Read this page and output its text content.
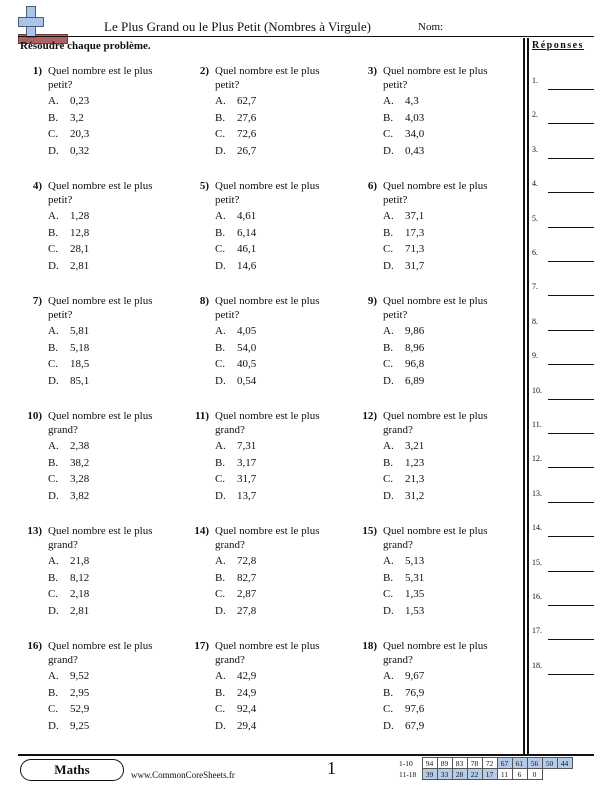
Le Plus Grand ou le Plus Petit (Nombres à Virgule)	Nom:
Résoudre chaque problème.	Réponses
1) Quel nombre est le plus petit?
A.	0,23
B.	3,2
C.	20,3
D.	0,32
2) Quel nombre est le plus petit?
A.	62,7
B.	27,6
C.	72,6
D.	26,7
3) Quel nombre est le plus petit?
A.	4,3
B.	4,03
C.	34,0
D.	0,43
4) Quel nombre est le plus petit?
A.	1,28
B.	12,8
C.	28,1
D.	2,81
5) Quel nombre est le plus petit?
A.	4,61
B.	6,14
C.	46,1
D.	14,6
6) Quel nombre est le plus petit?
A.	37,1
B.	17,3
C.	71,3
D.	31,7
7) Quel nombre est le plus petit?
A.	5,81
B.	5,18
C.	18,5
D.	85,1
8) Quel nombre est le plus petit?
A.	4,05
B.	54,0
C.	40,5
D.	0,54
9) Quel nombre est le plus petit?
A.	9,86
B.	8,96
C.	96,8
D.	6,89
10) Quel nombre est le plus grand?
A.	2,38
B.	38,2
C.	3,28
D.	3,82
11) Quel nombre est le plus grand?
A.	7,31
B.	3,17
C.	31,7
D.	13,7
12) Quel nombre est le plus grand?
A.	3,21
B.	1,23
C.	21,3
D.	31,2
13) Quel nombre est le plus grand?
A.	21,8
B.	8,12
C.	2,18
D.	2,81
14) Quel nombre est le plus grand?
A.	72,8
B.	82,7
C.	2,87
D.	27,8
15) Quel nombre est le plus grand?
A.	5,13
B.	5,31
C.	1,35
D.	1,53
16) Quel nombre est le plus grand?
A.	9,52
B.	2,95
C.	52,9
D.	9,25
17) Quel nombre est le plus grand?
A.	42,9
B.	24,9
C.	92,4
D.	29,4
18) Quel nombre est le plus grand?
A.	9,67
B.	76,9
C.	97,6
D.	67,9
1.
2.
3.
4.
5.
6.
7.
8.
9.
10.
11.
12.
13.
14.
15.
16.
17.
18.
Maths	www.CommonCoreSheets.fr	1	1-10	94	89	83	78	72	67	61	56	50	44
11-18	39	33	28	22	17	11	6	0		
